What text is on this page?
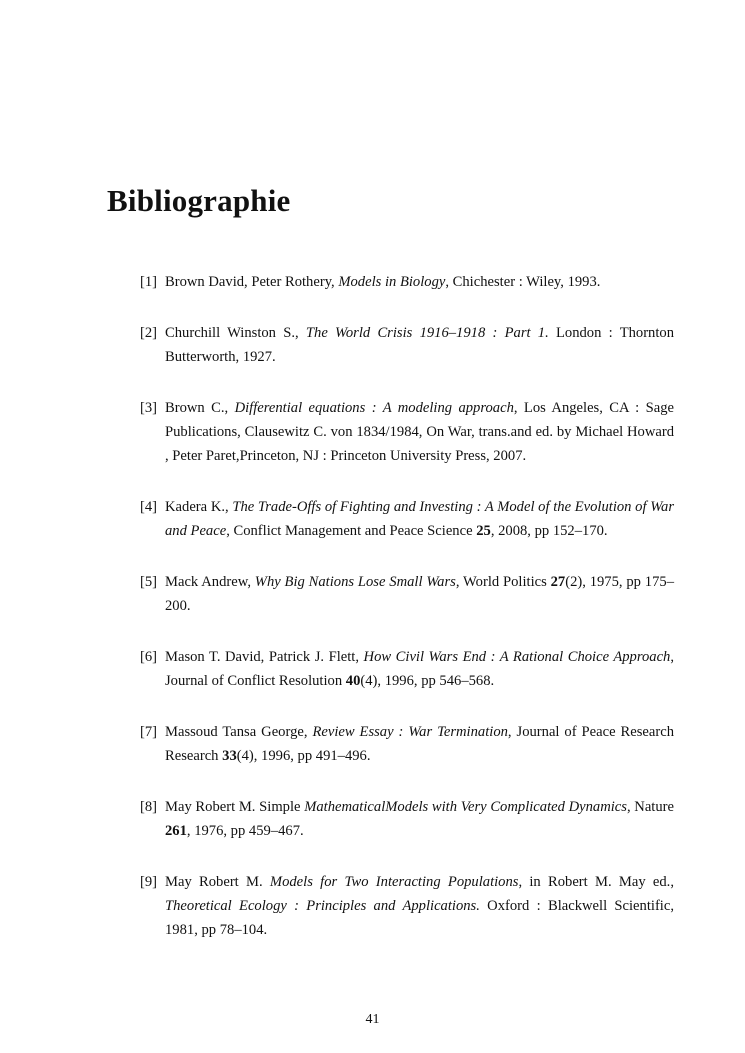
Bibliographie
[1] Brown David, Peter Rothery, Models in Biology, Chichester : Wiley, 1993.
[2] Churchill Winston S., The World Crisis 1916–1918 : Part 1. London : Thornton Butterworth, 1927.
[3] Brown C., Differential equations : A modeling approach, Los Angeles, CA : Sage Publications, Clausewitz C. von 1834/1984, On War, trans.and ed. by Michael Howard , Peter Paret,Princeton, NJ : Princeton University Press, 2007.
[4] Kadera K., The Trade-Offs of Fighting and Investing : A Model of the Evolution of War and Peace, Conflict Management and Peace Science 25, 2008, pp 152–170.
[5] Mack Andrew, Why Big Nations Lose Small Wars, World Politics 27(2), 1975, pp 175–200.
[6] Mason T. David, Patrick J. Flett, How Civil Wars End : A Rational Choice Approach, Journal of Conflict Resolution 40(4), 1996, pp 546–568.
[7] Massoud Tansa George, Review Essay : War Termination, Journal of Peace Research Research 33(4), 1996, pp 491–496.
[8] May Robert M. Simple MathematicalModels with Very Complicated Dynamics, Nature 261, 1976, pp 459–467.
[9] May Robert M. Models for Two Interacting Populations, in Robert M. May ed., Theoretical Ecology : Principles and Applications. Oxford : Blackwell Scientific, 1981, pp 78–104.
41
